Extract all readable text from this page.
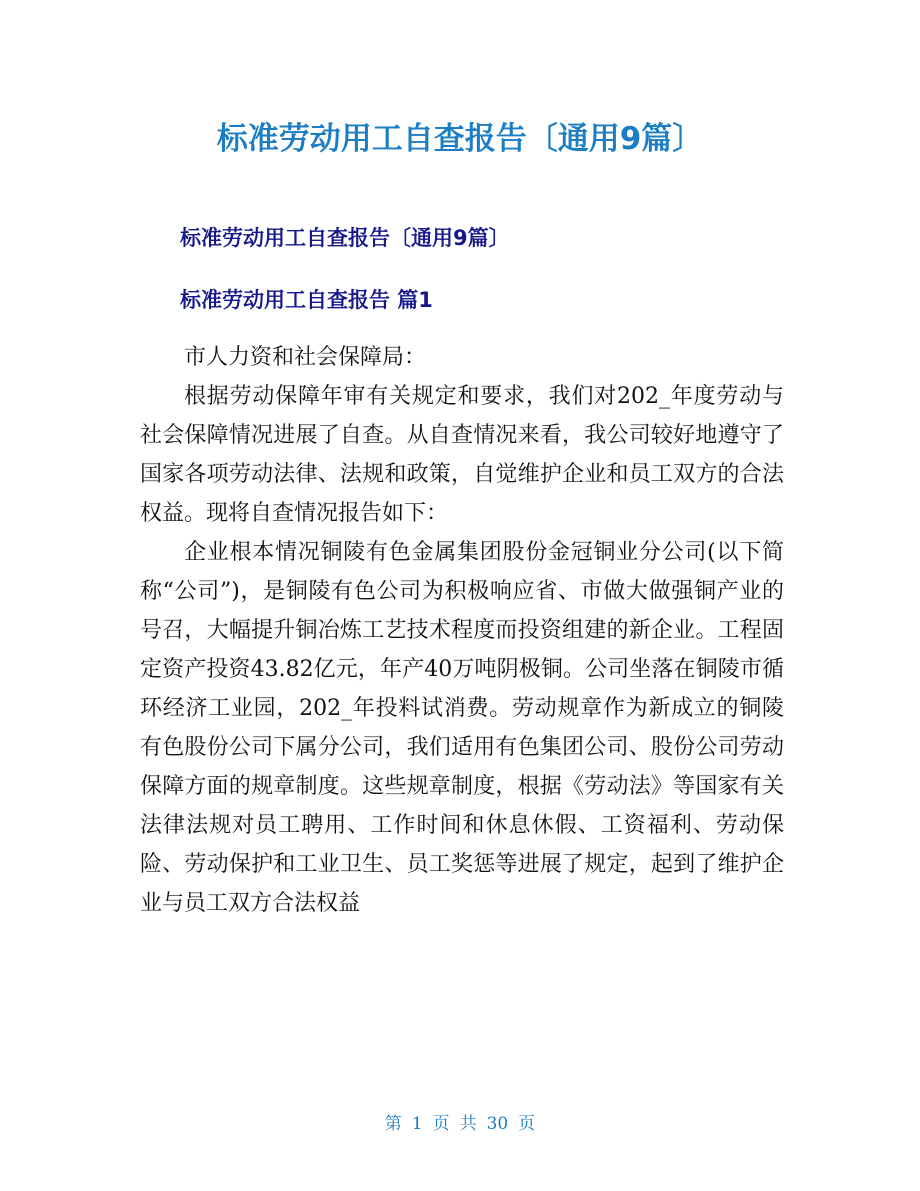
标准劳动用工自查报告〔通用9篇〕
标准劳动用工自查报告〔通用9篇〕
标准劳动用工自查报告 篇1

市人力资和社会保障局：

根据劳动保障年审有关规定和要求，我们对202_年度劳动与社会保障情况进展了自查。从自查情况来看，我公司较好地遵守了国家各项劳动法律、法规和政策，自觉维护企业和员工双方的合法权益。现将自查情况报告如下：

企业根本情况铜陵有色金属集团股份金冠铜业分公司(以下简称“公司”)，是铜陵有色公司为积极响应省、市做大做强铜产业的号召，大幅提升铜冶炼工艺技术程度而投资组建的新企业。工程固定资产投资43.82亿元，年产40万吨阴极铜。公司坐落在铜陵市循环经济工业园，202_年投料试消费。劳动规章作为新成立的铜陵有色股份公司下属分公司，我们适用有色集团公司、股份公司劳动保障方面的规章制度。这些规章制度，根据《劳动法》等国家有关法律法规对员工聘用、工作时间和休息休假、工资福利、劳动保险、劳动保护和工业卫生、员工奖惩等进展了规定，起到了维护企业与员工双方合法权益

第 1 页 共 30 页
